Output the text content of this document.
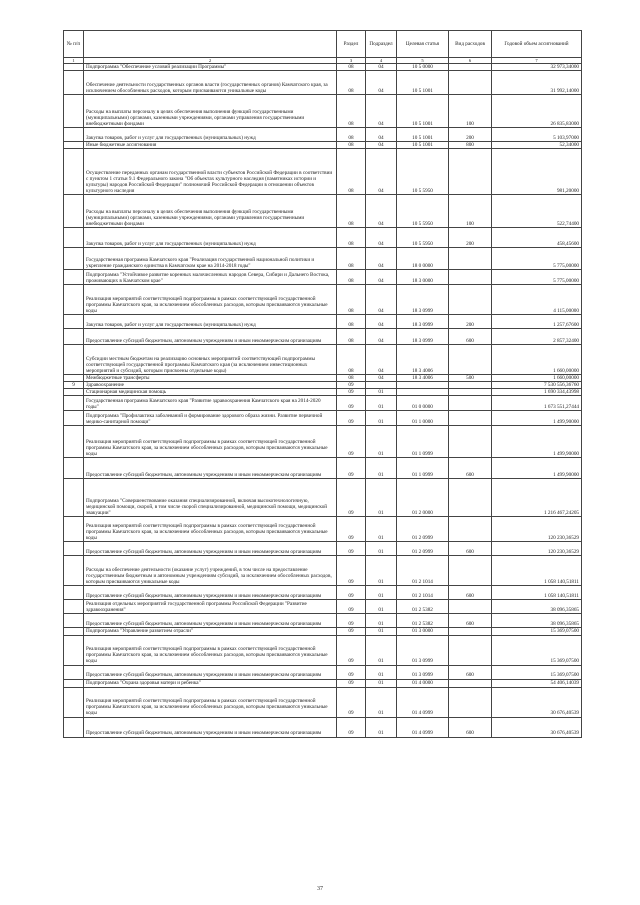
№ п/п		Раздел	Подраздел	Целевая статья	Вид расходов	Годовой объем ассигнований
1	2	3	4	5	6	7
	Подпрограмма "Обеспечение условий реализации Программы"	08	04	10 5 0000		32 973,34000
	Обеспечение деятельности государственных органов власти (государственных органов) Камчатского края, за исключением обособленных расходов, которым присваиваются уникальные коды	08	04	10 5 1001		31 992,14000
	Расходы на выплаты персоналу в целях обеспечения выполнения функций государственными (муниципальными) органами, казенными учреждениями, органами управления государственными внебюджетными фондами	08	04	10 5 1001	100	26 835,83000
	Закупка товаров, работ и услуг для государственных (муниципальных) нужд	08	04	10 5 1001	200	5 103,97000
	Иные бюджетные ассигнования	08	04	10 5 1001	800	52,34000
	Осуществление переданных органам государственной власти субъектов Российской Федерации в соответствии с пунктом 1 статьи 9.1 Федерального закона "Об объектах культурного наследия (памятниках истории и культуры) народов Российской Федерации" полномочий Российской Федерации в отношении объектов культурного наследия	08	04	10 5 5950		981,20000
	Расходы на выплаты персоналу в целях обеспечения выполнения функций государственными (муниципальными) органами, казенными учреждениями, органами управления государственными внебюджетными фондами	08	04	10 5 5950	100	522,74400
	Закупка товаров, работ и услуг для государственных (муниципальных) нужд	08	04	10 5 5950	200	458,45600
	Государственная программа Камчатского края "Реализация государственной национальной политики и укрепление гражданского единства в Камчатском крае на 2014-2018 годы"	08	04	18 0 0000		5 775,00000
	Подпрограмма "Устойчивое развитие коренных малочисленных народов Севера, Сибири и Дальнего Востока, проживающих в Камчатском крае"	08	04	18 3 0000		5 775,00000
	Реализация мероприятий соответствующей подпрограммы в рамках соответствующей государственной программы Камчатского края, за исключением обособленных расходов, которым присваиваются уникальные коды	08	04	18 3 0999		4 115,00000
	Закупка товаров, работ и услуг для государственных (муниципальных) нужд	08	04	18 3 0999	200	1 257,67600
	Предоставление субсидий бюджетным, автономным учреждениям и иным некоммерческим организациям	08	04	18 3 0999	600	2 857,32400
	Субсидии местным бюджетам на реализацию основных мероприятий соответствующей подпрограммы соответствующей государственной программы Камчатского края (за исключением инвестиционных мероприятий и субсидий, которым присвоены отдельные коды)	08	04	18 3 4006		1 660,00000
	Межбюджетные трансферты	08	04	18 3 4006	500	1 660,00000
9	Здравоохранение	09				7 530 556,36760
	Стационарная медицинская помощь	09	01			1 690 334,43998
	Государственная программа Камчатского края "Развитие здравоохранения Камчатского края на 2014-2020 годы"	09	01	01 0 0000		1 673 551,27444
	Подпрограмма "Профилактика заболеваний и формирование здорового образа жизни. Развитие первичной медико-санитарной помощи"	09	01	01 1 0000		1 499,90000
	Реализация мероприятий соответствующей подпрограммы в рамках соответствующей государственной программы Камчатского края, за исключением обособленных расходов, которым присваиваются уникальные коды	09	01	01 1 0999		1 499,90000
	Предоставление субсидий бюджетным, автономным учреждениям и иным некоммерческим организациям	09	01	01 1 0999	600	1 499,90000
	Подпрограмма "Совершенствование оказания специализированной, включая высокотехнологичную, медицинской помощи, скорой, в том числе скорой специализированной, медицинской помощи, медицинской эвакуации"	09	01	01 2 0000		1 216 467,24205
	Реализация мероприятий соответствующей подпрограммы в рамках соответствующей государственной программы Камчатского края, за исключением обособленных расходов, которым присваиваются уникальные коды	09	01	01 2 0999		120 230,36529
	Предоставление субсидий бюджетным, автономным учреждениям и иным некоммерческим организациям	09	01	01 2 0999	600	120 230,36529
	Расходы на обеспечение деятельности (оказание услуг) учреждений, в том числе на предоставление государственным бюджетным и автономным учреждениям субсидий, за исключением обособленных расходов, которым присваиваются уникальные коды	09	01	01 2 1014		1 058 140,51811
	Предоставление субсидий бюджетным, автономным учреждениям и иным некоммерческим организациям	09	01	01 2 1014	600	1 058 140,51811
	Реализация отдельных мероприятий государственной программы Российской Федерации "Развитие здравоохранения"	09	01	01 2 5382		38 096,35865
	Предоставление субсидий бюджетным, автономным учреждениям и иным некоммерческим организациям	09	01	01 2 5382	600	38 096,35865
	Подпрограмма "Управление развитием отрасли"	09	01	01 3 0000		15 369,07500
	Реализация мероприятий соответствующей подпрограммы в рамках соответствующей государственной программы Камчатского края, за исключением обособленных расходов, которым присваиваются уникальные коды	09	01	01 3 0999		15 369,07500
	Предоставление субсидий бюджетным, автономным учреждениям и иным некоммерческим организациям	09	01	01 3 0999	600	15 369,07500
	Подпрограмма "Охрана здоровья матери и ребенка"	09	01	01 4 0000		54 406,14039
	Реализация мероприятий соответствующей подпрограммы в рамках соответствующей государственной программы Камчатского края, за исключением обособленных расходов, которым присваиваются уникальные коды	09	01	01 4 0999		30 676,40539
	Предоставление субсидий бюджетным, автономным учреждениям и иным некоммерческим организациям	09	01	01 4 0999	600	30 676,40539
37
